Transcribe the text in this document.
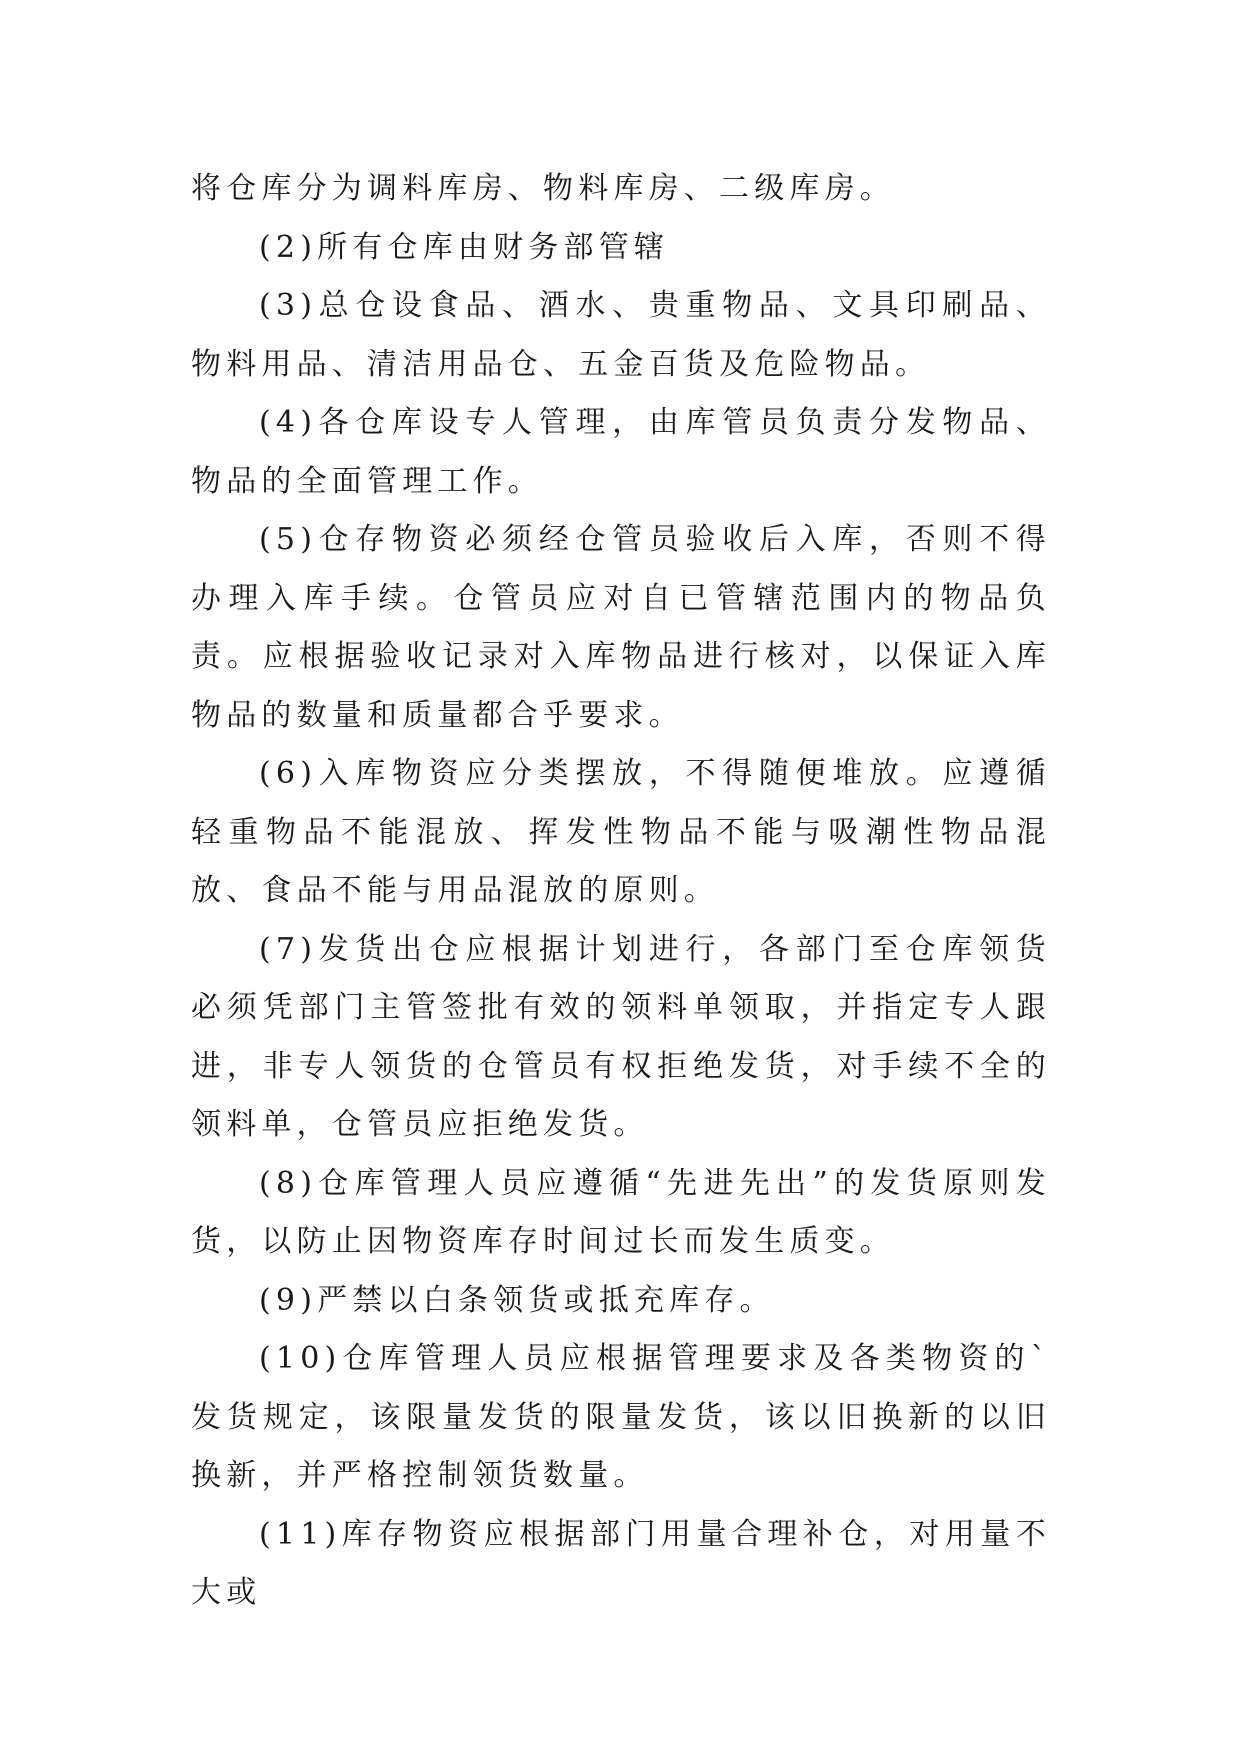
将仓库分为调料库房、物料库房、二级库房。

(2)所有仓库由财务部管辖

(3)总仓设食品、酒水、贵重物品、文具印刷品、物料用品、清洁用品仓、五金百货及危险物品。

(4)各仓库设专人管理，由库管员负责分发物品、物品的全面管理工作。

(5)仓存物资必须经仓管员验收后入库，否则不得办理入库手续。仓管员应对自已管辖范围内的物品负责。应根据验收记录对入库物品进行核对，以保证入库物品的数量和质量都合乎要求。

(6)入库物资应分类摆放，不得随便堆放。应遵循轻重物品不能混放、挥发性物品不能与吸潮性物品混放、食品不能与用品混放的原则。

(7)发货出仓应根据计划进行，各部门至仓库领货必须凭部门主管签批有效的领料单领取，并指定专人跟进，非专人领货的仓管员有权拒绝发货，对手续不全的领料单，仓管员应拒绝发货。

(8)仓库管理人员应遵循“先进先出”的发货原则发货，以防止因物资库存时间过长而发生质变。

(9)严禁以白条领货或抵充库存。

(10)仓库管理人员应根据管理要求及各类物资的`发货规定，该限量发货的限量发货，该以旧换新的以旧换新，并严格控制领货数量。

(11)库存物资应根据部门用量合理补仓，对用量不大或
